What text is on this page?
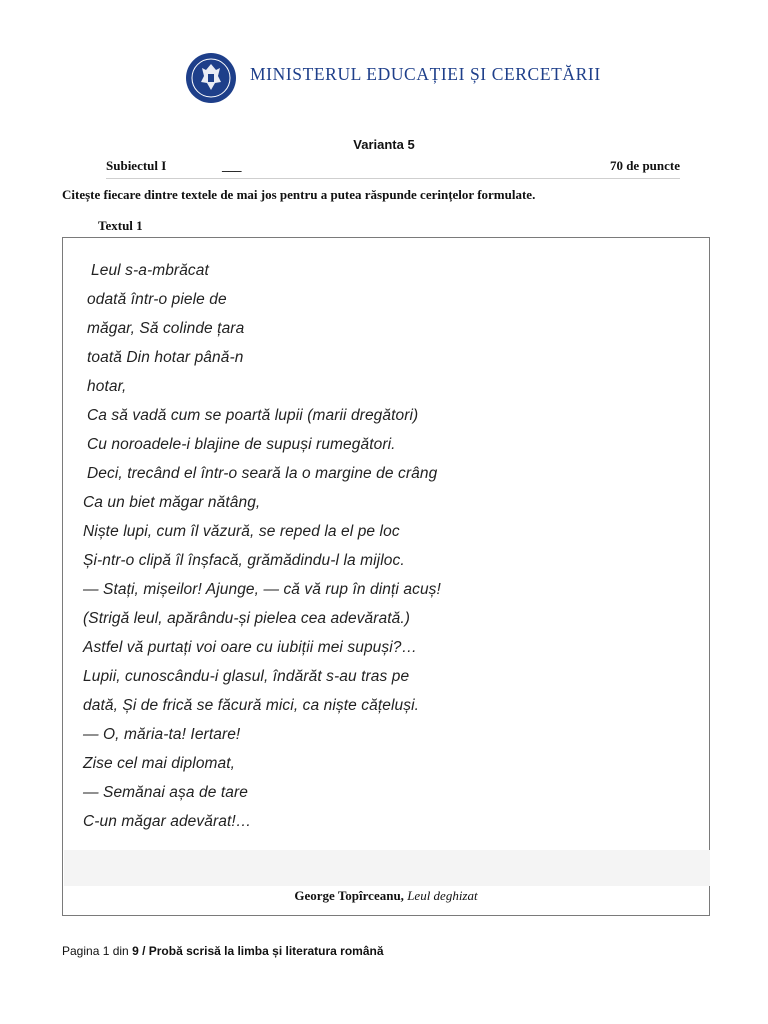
MINISTERUL EDUCAȚIEI ȘI CERCETĂRII
Varianta 5
Subiectul I	___	70 de puncte
Citește fiecare dintre textele de mai jos pentru a putea răspunde cerințelor formulate.
Textul 1
Leul s-a-mbrăcat
odată într-o piele de
măgar, Să colinde țara
toată Din hotar până-n
hotar,
Ca să vadă cum se poartă lupii (marii dregători)
Cu noroadele-i blajine de supuși rumegători.
Deci, trecând el într-o seară la o margine de crâng
Ca un biet măgar nătâng,
Niște lupi, cum îl văzură, se reped la el pe loc
Și-ntr-o clipă îl înșfacă, grămădindu-l la mijloc.
— Stați, mișeilor! Ajunge, — că vă rup în dinți acuș!
(Strigă leul, apărându-și pielea cea adevărată.)
Astfel vă purtați voi oare cu iubiții mei supuși?…
Lupii, cunoscându-i glasul, îndărăt s-au tras pe
dată, Și de frică se făcură mici, ca niște cățeluși.
— O, măria-ta! Iertare!
Zise cel mai diplomat,
— Semănai așa de tare
C-un măgar adevărat!…
George Topîrceanu, Leul deghizat
Pagina 1 din 9 / Probă scrisă la limba și literatura română
